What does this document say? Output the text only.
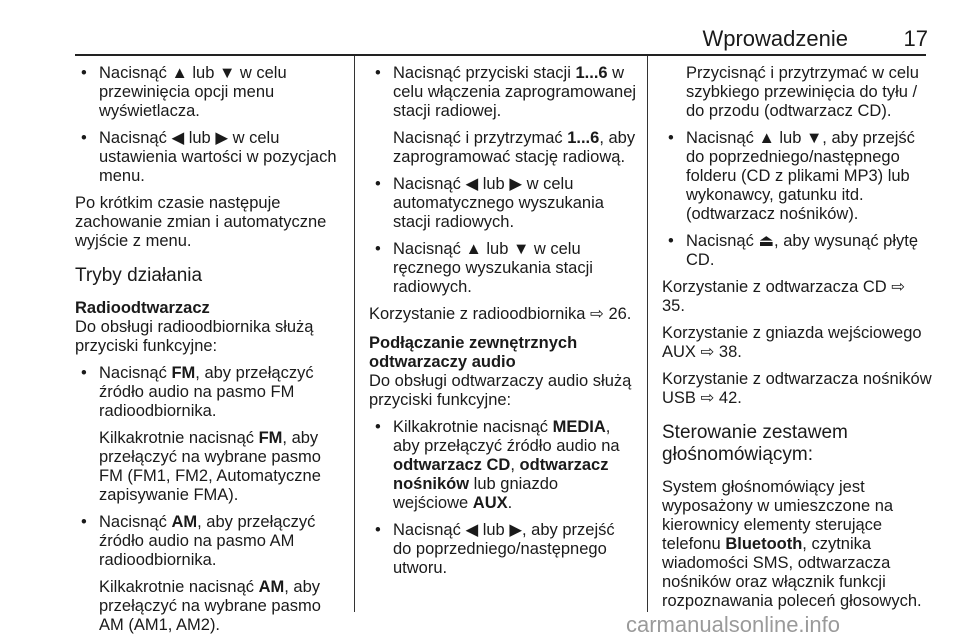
Wprowadzenie	17
• Nacisnąć ▲ lub ▼ w celu przewinięcia opcji menu wyświetlacza.
• Nacisnąć ◀ lub ▶ w celu ustawienia wartości w pozycjach menu.

Po krótkim czasie następuje zachowanie zmian i automatyczne wyjście z menu.

Tryby działania
Radioodtwarzacz

Do obsługi radioodbiornika służą przyciski funkcyjne:

• Nacisnąć FM, aby przełączyć źródło audio na pasmo FM radioodbiornika.
Kilkakrotnie nacisnąć FM, aby przełączyć na wybrane pasmo FM (FM1, FM2, Automatyczne zapisywanie FMA).
• Nacisnąć AM, aby przełączyć źródło audio na pasmo AM radioodbiornika.
Kilkakrotnie nacisnąć AM, aby przełączyć na wybrane pasmo AM (AM1, AM2).
• Nacisnąć przyciski stacji 1...6 w celu włączenia zaprogramowanej stacji radiowej.
Nacisnąć i przytrzymać 1...6, aby zaprogramować stację radiową.
• Nacisnąć ◀ lub ▶ w celu automatycznego wyszukania stacji radiowych.
• Nacisnąć ▲ lub ▼ w celu ręcznego wyszukania stacji radiowych.

Korzystanie z radioodbiornika ⇨ 26.

Podłączanie zewnętrznych odtwarzaczy audio

Do obsługi odtwarzaczy audio służą przyciski funkcyjne:

• Kilkakrotnie nacisnąć MEDIA, aby przełączyć źródło audio na odtwarzacz CD, odtwarzacz nośników lub gniazdo wejściowe AUX.
• Nacisnąć ◀ lub ▶, aby przejść do poprzedniego/następnego utworu.
Przycisnąć i przytrzymać w celu szybkiego przewinięcia do tyłu / do przodu (odtwarzacz CD).
• Nacisnąć ▲ lub ▼, aby przejść do poprzedniego/następnego folderu (CD z plikami MP3) lub wykonawcy, gatunku itd. (odtwarzacz nośników).
• Nacisnąć ⏏, aby wysunąć płytę CD.

Korzystanie z odtwarzacza CD ⇨ 35.

Korzystanie z gniazda wejściowego AUX ⇨ 38.

Korzystanie z odtwarzacza nośników USB ⇨ 42.

Sterowanie zestawem głośnomówiącym:

System głośnomówiący jest wyposażony w umieszczone na kierownicy elementy sterujące telefonu Bluetooth, czytnika wiadomości SMS, odtwarzacza nośników oraz włącznik funkcji rozpoznawania poleceń głosowych.

carmanualsonline.info
